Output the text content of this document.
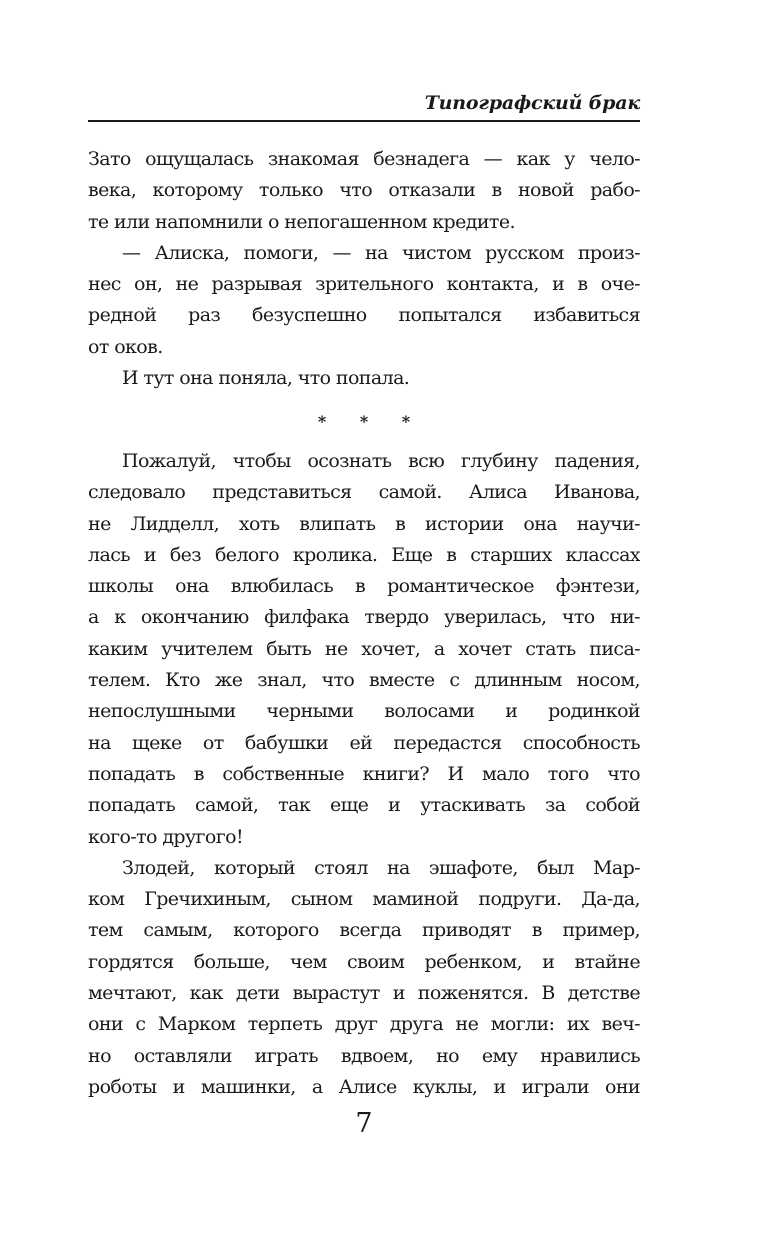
Типографский брак
Зато ощущалась знакомая безнадега — как у чело-
века, которому только что отказали в новой рабо-
те или напомнили о непогашенном кредите.
— Алиска, помоги, — на чистом русском произ-
нес он, не разрывая зрительного контакта, и в оче-
редной раз безуспешно попытался избавиться
от оков.
И тут она поняла, что попала.
* * *
Пожалуй, чтобы осознать всю глубину падения,
следовало представиться самой. Алиса Иванова,
не Лидделл, хоть влипать в истории она научи-
лась и без белого кролика. Еще в старших классах
школы она влюбилась в романтическое фэнтези,
а к окончанию филфака твердо уверилась, что ни-
каким учителем быть не хочет, а хочет стать писа-
телем. Кто же знал, что вместе с длинным носом,
непослушными черными волосами и родинкой
на щеке от бабушки ей передастся способность
попадать в собственные книги? И мало того что
попадать самой, так еще и утаскивать за собой
кого-то другого!
Злодей, который стоял на эшафоте, был Мар-
ком Гречихиным, сыном маминой подруги. Да-да,
тем самым, которого всегда приводят в пример,
гордятся больше, чем своим ребенком, и втайне
мечтают, как дети вырастут и поженятся. В детстве
они с Марком терпеть друг друга не могли: их веч-
но оставляли играть вдвоем, но ему нравились
роботы и машинки, а Алисе куклы, и играли они
7
